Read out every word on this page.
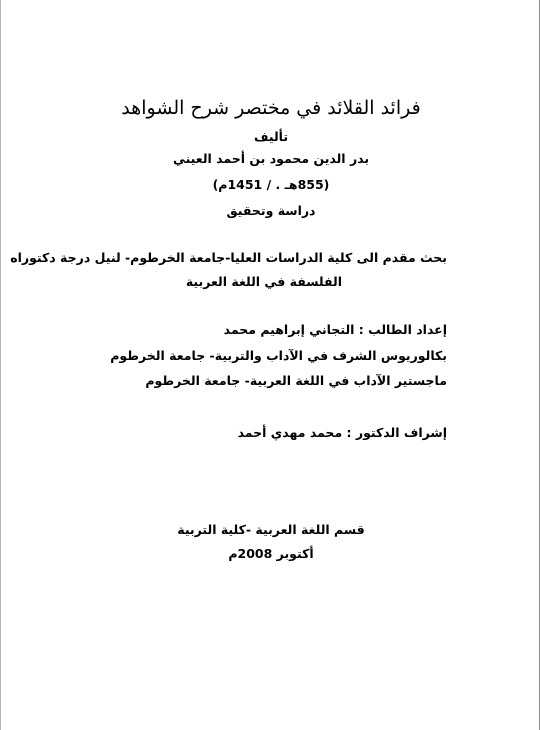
فرائد القلائد في مختصر شرح الشواهد
تأليف
بدر الدين محمود بن أحمد العيني
(855هـ . / 1451م)
دراسة وتحقيق
بحث مقدم الى كلية الدراسات العليا-جامعة الخرطوم- لنيل درجة دكتوراه
الفلسفة في اللغة العربية
إعداد الطالب : التجاني إبراهيم محمد
بكالوريوس الشرف في الآداب والتربية- جامعة الخرطوم
ماجستير الآداب في اللغة العربية- جامعة الخرطوم
إشراف الدكتور : محمد مهدي أحمد
قسم اللغة العربية -كلية التربية
أكتوبر 2008م
